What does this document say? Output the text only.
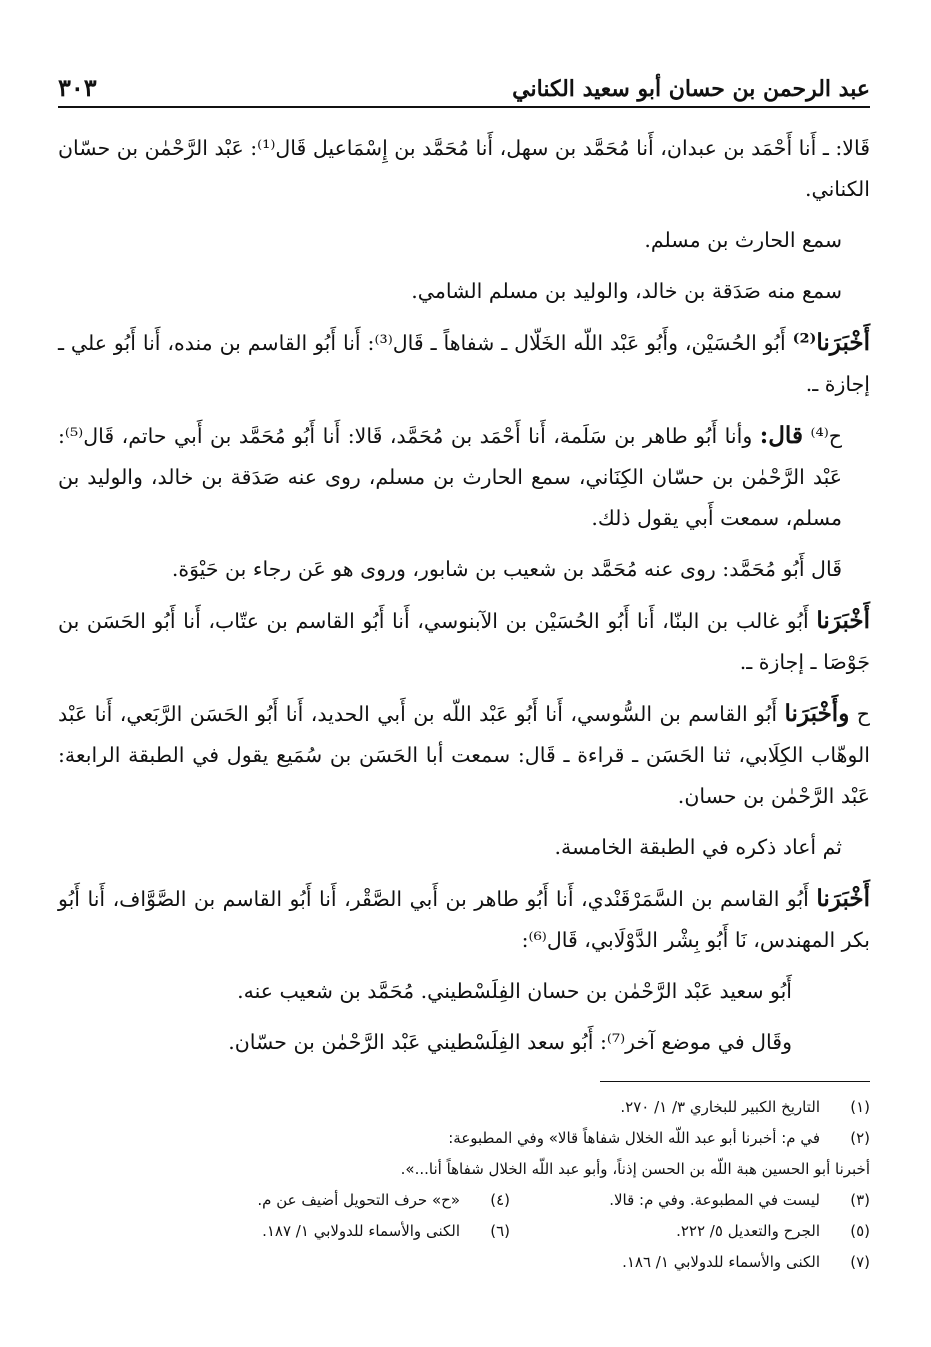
عبد الرحمن بن حسان أبو سعيد الكناني
٣٠٣

قَالا: ـ أَنا أَحْمَد بن عبدان، أَنا مُحَمَّد بن سهل، أَنا مُحَمَّد بن إِسْمَاعيل قَال⁽¹⁾: عَبْد الرَّحْمٰن بن حسّان الكناني.

سمع الحارث بن مسلم.

سمع منه صَدَقة بن خالد، والوليد بن مسلم الشامي.

أَخْبَرَنا⁽²⁾ أَبُو الحُسَيْن، وأَبُو عَبْد اللّه الخَلّال ـ شفاهاً ـ قَال⁽³⁾: أَنا أَبُو القاسم بن منده، أَنا أَبُو علي ـ إجازة ـ.

ح⁽⁴⁾ قال: وأنا أَبُو طاهر بن سَلَمة، أَنا أَحْمَد بن مُحَمَّد، قَالا: أَنا أَبُو مُحَمَّد بن أَبي حاتم، قَال⁽⁵⁾: عَبْد الرَّحْمٰن بن حسّان الكِنَاني، سمع الحارث بن مسلم، روى عنه صَدَقة بن خالد، والوليد بن مسلم، سمعت أَبي يقول ذلك.

قَال أَبُو مُحَمَّد: روى عنه مُحَمَّد بن شعيب بن شابور، وروى هو عَن رجاء بن حَيْوَة.

أَخْبَرَنا أَبُو غالب بن البنّا، أَنا أَبُو الحُسَيْن بن الآبنوسي، أَنا أَبُو القاسم بن عتّاب، أَنا أَبُو الحَسَن بن جَوْصَا ـ إجازة ـ.

ح وأَخْبَرَنا أَبُو القاسم بن السُّوسي، أَنا أَبُو عَبْد اللّه بن أَبي الحديد، أَنا أَبُو الحَسَن الرَّبَعي، أَنا عَبْد الوهّاب الكِلَابي، ثنا الحَسَن ـ قراءة ـ قَال: سمعت أبا الحَسَن بن سُمَيع يقول في الطبقة الرابعة: عَبْد الرَّحْمٰن بن حسان.

ثم أعاد ذكره في الطبقة الخامسة.

أَخْبَرَنا أَبُو القاسم بن السَّمَرْقَنْدي، أَنا أَبُو طاهر بن أَبي الصَّقْر، أَنا أَبُو القاسم بن الصَّوَّاف، أَنا أَبُو بكر المهندس، نَا أَبُو بِشْر الدَّوْلَابي، قَال⁽⁶⁾:

أَبُو سعيد عَبْد الرَّحْمٰن بن حسان الفِلَسْطيني. مُحَمَّد بن شعيب عنه.

وقَال في موضع آخر⁽⁷⁾: أَبُو سعد الفِلَسْطيني عَبْد الرَّحْمٰن بن حسّان.

(١)
التاريخ الكبير للبخاري ٣/ ١/ ٢٧٠.
(٢)
في م: أخبرنا أبو عبد اللّه الخلال شفاهاً قالا» وفي المطبوعة:
أخبرنا أبو الحسين هبة اللّه بن الحسن إذناً، وأبو عبد اللّه الخلال شفاهاً أنا...».
(٣)
ليست في المطبوعة. وفي م: قالا.
(٤)
«ح» حرف التحويل أضيف عن م.
(٥)
الجرح والتعديل ٥/ ٢٢٢.
(٦)
الكنى والأسماء للدولابي ١/ ١٨٧.
(٧)
الكنى والأسماء للدولابي ١/ ١٨٦.
